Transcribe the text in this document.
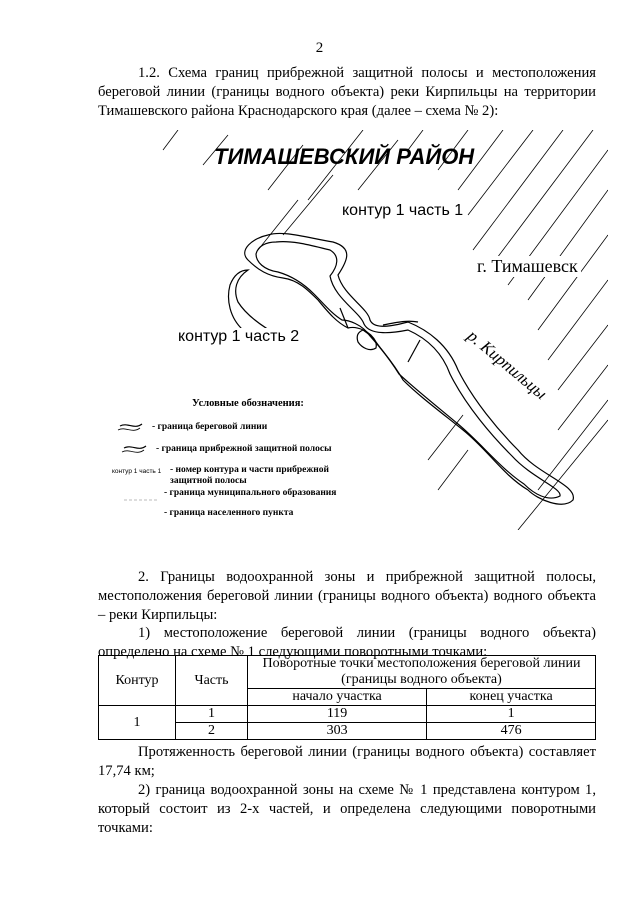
2

1.2. Схема границ прибрежной защитной полосы и местоположения береговой линии (границы водного объекта) реки Кирпильцы на территории Тимашевского района Краснодарского края (далее – схема № 2):

ТИМАШЕВСКИЙ РАЙОН
контур 1 часть 1
контур 1 часть 2
г. Тимашевск
р. Кирпильцы
Условные обозначения:
- граница береговой линии
- граница прибрежной защитной полосы
контур 1 часть 1 - номер контура и части прибрежной защитной полосы
- граница муниципального образования
- граница населенного пункта

2. Границы водоохранной зоны и прибрежной защитной полосы, местоположения береговой линии (границы водного объекта) водного объекта – реки Кирпильцы:

1) местоположение береговой линии (границы водного объекта) определено на схеме № 1 следующими поворотными точками:

Контур	Часть	Поворотные точки местоположения береговой линии (границы водного объекта)	
		начало участка	конец участка
1	1	119	1
	2	303	476

Протяженность береговой линии (границы водного объекта) составляет 17,74 км;

2) граница водоохранной зоны на схеме № 1 представлена контуром 1, который состоит из 2-х частей, и определена следующими поворотными точками:
